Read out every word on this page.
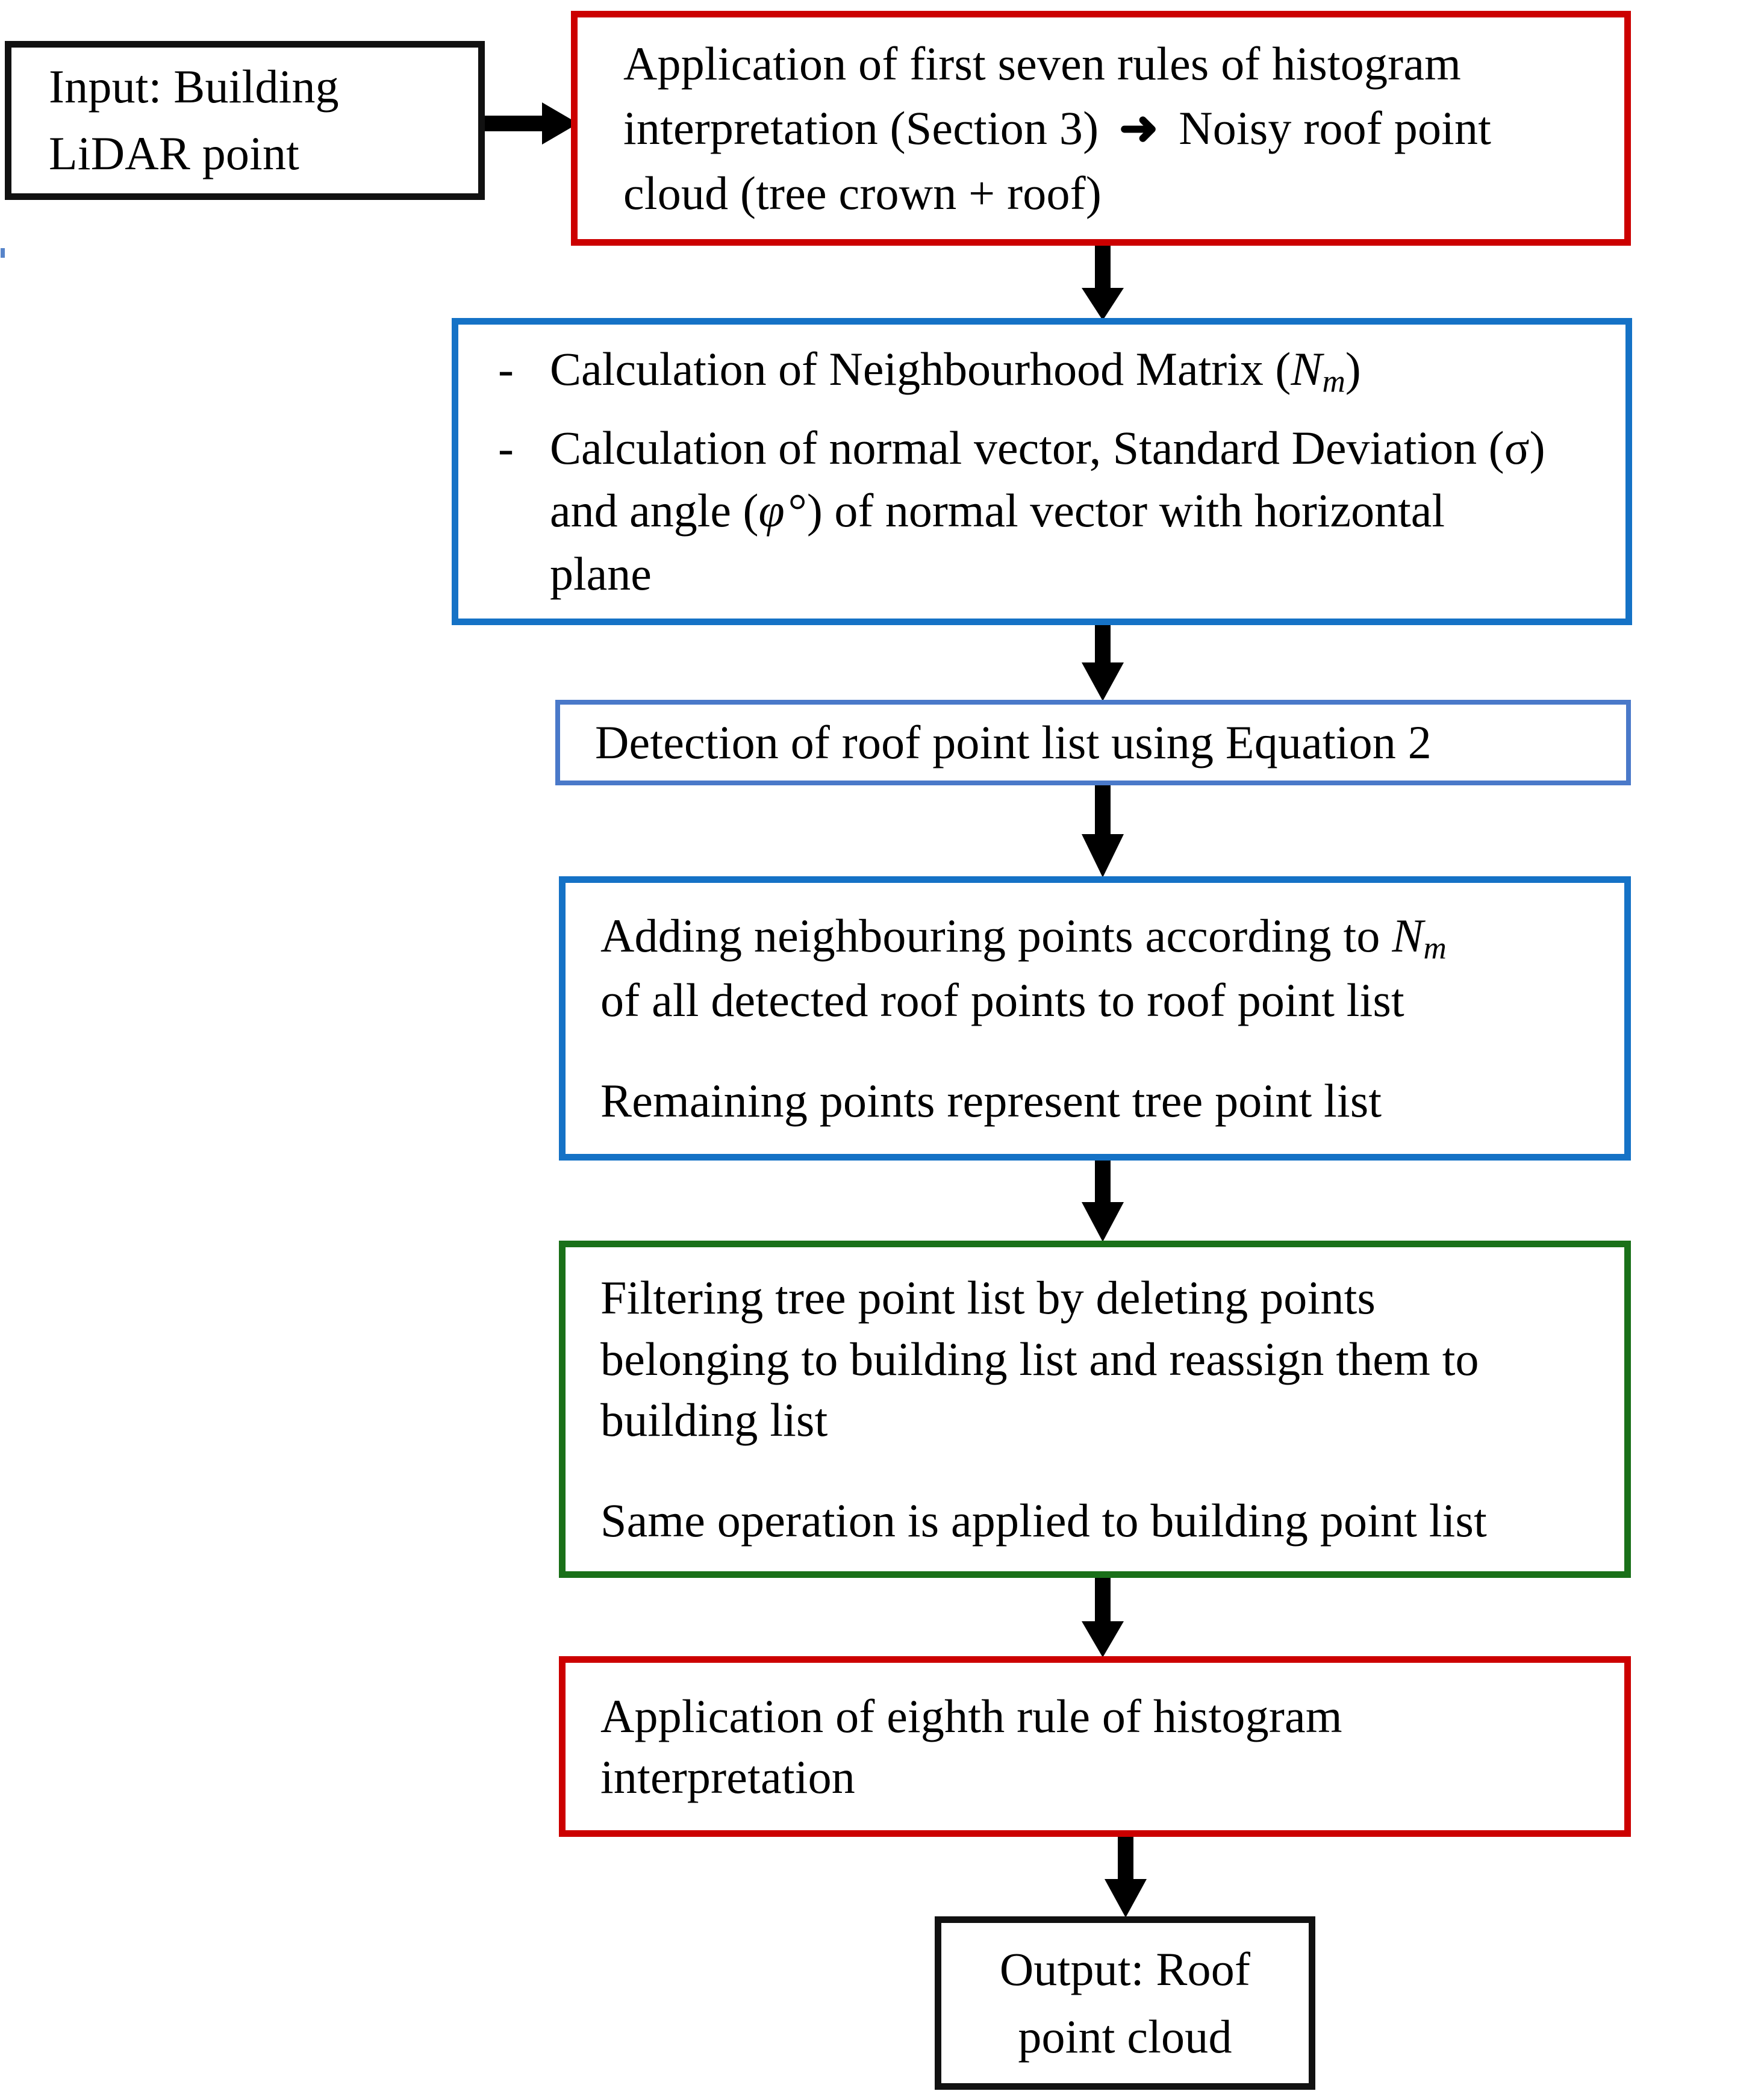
Input: Building
LiDAR point
Application of first seven rules of histogram
interpretation (Section 3) ➜ Noisy roof point
cloud (tree crown + roof)
- Calculation of Neighbourhood Matrix $(N_m)$
- Calculation of normal vector, Standard Deviation (σ)
and angle (φ°) of normal vector with horizontal
plane
Detection of roof point list using Equation 2
Adding neighbouring points according to $N_m$
of all detected roof points to roof point list
Remaining points represent tree point list
Filtering tree point list by deleting points
belonging to building list and reassign them to
building list
Same operation is applied to building point list
Application of eighth rule of histogram
interpretation
Output: Roof
point cloud
